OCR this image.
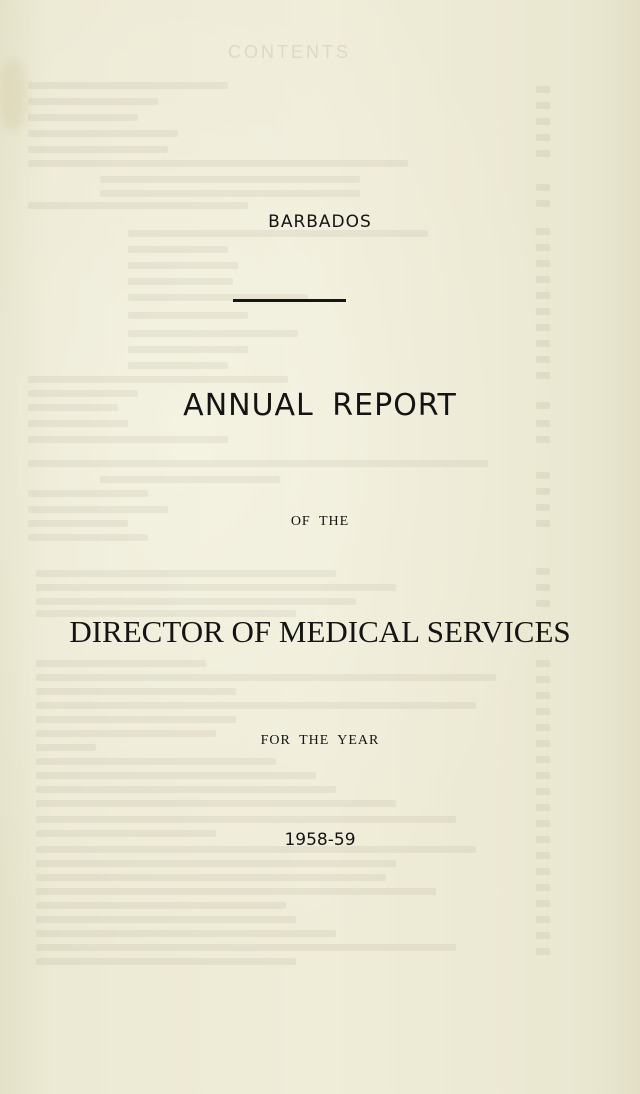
CONTENTS
BARBADOS
ANNUAL REPORT
OF THE
DIRECTOR OF MEDICAL SERVICES
FOR THE YEAR
1958-59
